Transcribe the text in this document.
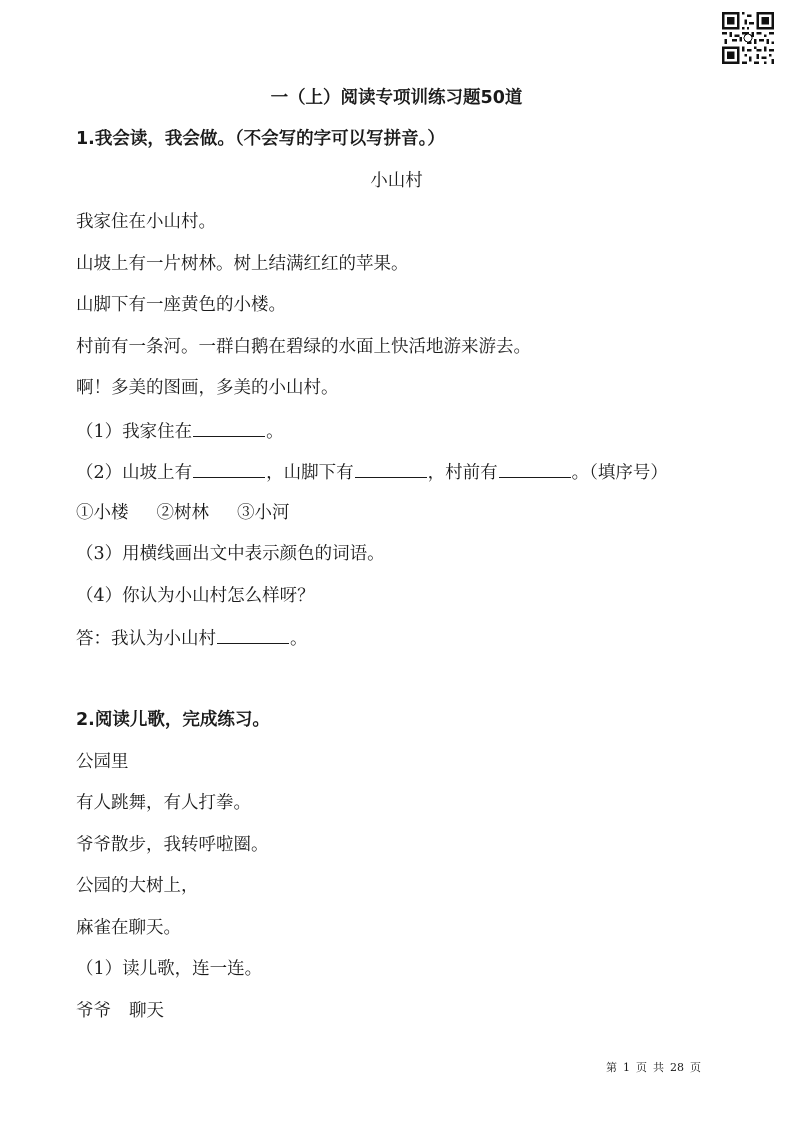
一（上）阅读专项训练习题50道
1.我会读，我会做。（不会写的字可以写拼音。）
小山村
我家住在小山村。
山坡上有一片树林。树上结满红红的苹果。
山脚下有一座黄色的小楼。
村前有一条河。一群白鹅在碧绿的水面上快活地游来游去。
啊！多美的图画，多美的小山村。
（1）我家住在	。
（2）山坡上有	，山脚下有	，村前有	。（填序号）
①小楼 ②树林 ③小河
（3）用横线画出文中表示颜色的词语。
（4）你认为小山村怎么样呀？
答：我认为小山村	。
2.阅读儿歌，完成练习。
公园里
有人跳舞，有人打拳。
爷爷散步，我转呼啦圈。
公园的大树上，
麻雀在聊天。
（1）读儿歌，连一连。
爷爷 聊天
第 1 页 共 28 页
